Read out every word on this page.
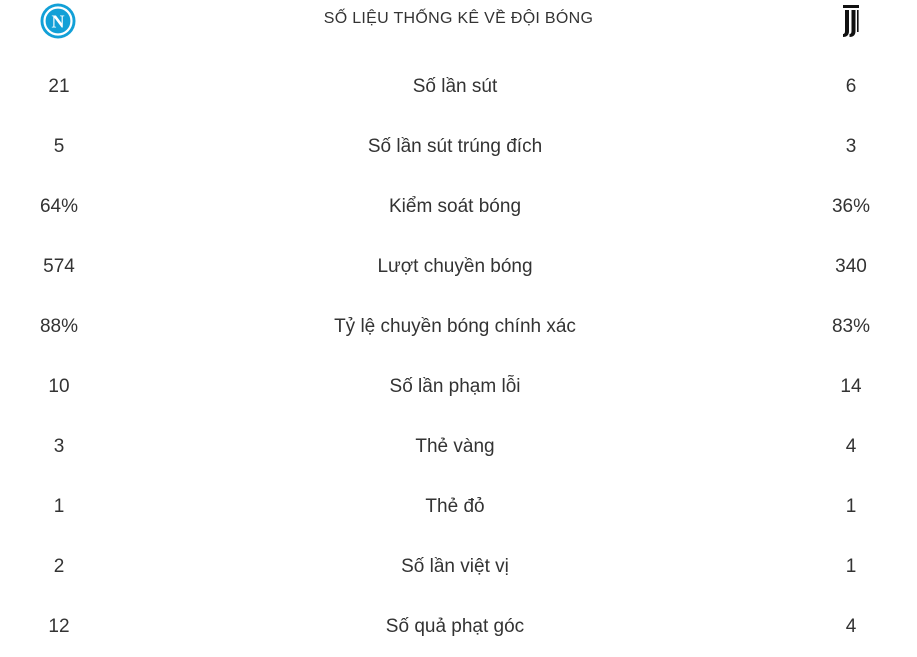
N	SỐ LIỆU THỐNG KÊ VỀ ĐỘI BÓNG
21	Số lần sút	6
5	Số lần sút trúng đích	3
64%	Kiểm soát bóng	36%
574	Lượt chuyền bóng	340
88%	Tỷ lệ chuyền bóng chính xác	83%
10	Số lần phạm lỗi	14
3	Thẻ vàng	4
1	Thẻ đỏ	1
2	Số lần việt vị	1
12	Số quả phạt góc	4
